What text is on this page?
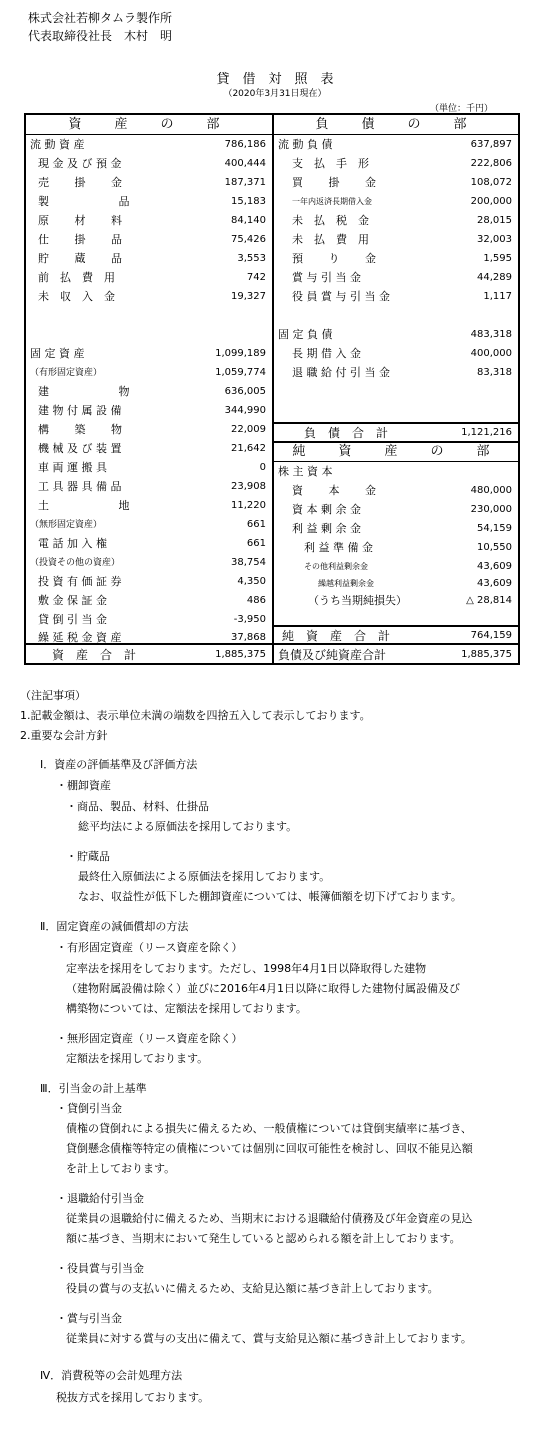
株式会社若柳タムラ製作所
代表取締役社長　木村　明
貸　借　対　照　表
（2020年3月31日現在）
（単位：千円）
資　産　の　部
資　産　合　計	1,885,375
流 動 資 産	786,186
現 金 及 び 預 金	400,444
売　　 掛　　 金	187,371
製　　　　　　 品	15,183
原　　 材　　 料	84,140
仕　　 掛　　 品	75,426
貯　　 蔵　　 品	3,553
前　払　費　用	742
未　収　入　金	19,327
固 定 資 産	1,099,189
（有形固定資産）	1,059,774
建　　　　　　 物	636,005
建 物 付 属 設 備	344,990
構　　 築　　 物	22,009
機 械 及 び 装 置	21,642
車 両 運 搬 具	0
工 具 器 具 備 品	23,908
土　　　　　　 地	11,220
（無形固定資産）	661
電 話 加 入 権	661
（投資その他の資産）	38,754
投 資 有 価 証 券	4,350
敷 金 保 証 金	486
貸 倒 引 当 金	-3,950
繰 延 税 金 資 産	37,868
負　債　の　部
負　債　合　計	1,121,216
純　資　産　の　部
純　資　産　合　計	764,159
負債及び純資産合計	1,885,375
流 動 負 債	637,897
支　払　手　形	222,806
買　　 掛　　 金	108,072
一年内返済長期借入金	200,000
未　払　税　金	28,015
未　払　費　用	32,003
預　　 り　　 金	1,595
賞 与 引 当 金	44,289
役 員 賞 与 引 当 金	1,117
固 定 負 債	483,318
長 期 借 入 金	400,000
退 職 給 付 引 当 金	83,318
株 主 資 本
資　　 本　　 金	480,000
資 本 剰 余 金	230,000
利 益 剰 余 金	54,159
利 益 準 備 金	10,550
その他利益剰余金	43,609
繰越利益剰余金	43,609
（うち当期純損失）	△ 28,814
（注記事項）
1.記載金額は、表示単位未満の端数を四捨五入して表示しております。
2.重要な会計方針
Ⅰ．資産の評価基準及び評価方法
・棚卸資産
・商品、製品、材料、仕掛品
総平均法による原価法を採用しております。
・貯蔵品
最終仕入原価法による原価法を採用しております。
なお、収益性が低下した棚卸資産については、帳簿価額を切下げております。
Ⅱ．固定資産の減価償却の方法
・有形固定資産（リース資産を除く）
定率法を採用をしております。ただし、1998年4月1日以降取得した建物
（建物附属設備は除く）並びに2016年4月1日以降に取得した建物付属設備及び
構築物については、定額法を採用しております。
・無形固定資産（リース資産を除く）
定額法を採用しております。
Ⅲ．引当金の計上基準
・貸倒引当金
債権の貸倒れによる損失に備えるため、一般債権については貸倒実績率に基づき、
貸倒懸念債権等特定の債権については個別に回収可能性を検討し、回収不能見込額
を計上しております。
・退職給付引当金
従業員の退職給付に備えるため、当期末における退職給付債務及び年金資産の見込
額に基づき、当期末において発生していると認められる額を計上しております。
・役員賞与引当金
役員の賞与の支払いに備えるため、支給見込額に基づき計上しております。
・賞与引当金
従業員に対する賞与の支出に備えて、賞与支給見込額に基づき計上しております。
Ⅳ．消費税等の会計処理方法
税抜方式を採用しております。
